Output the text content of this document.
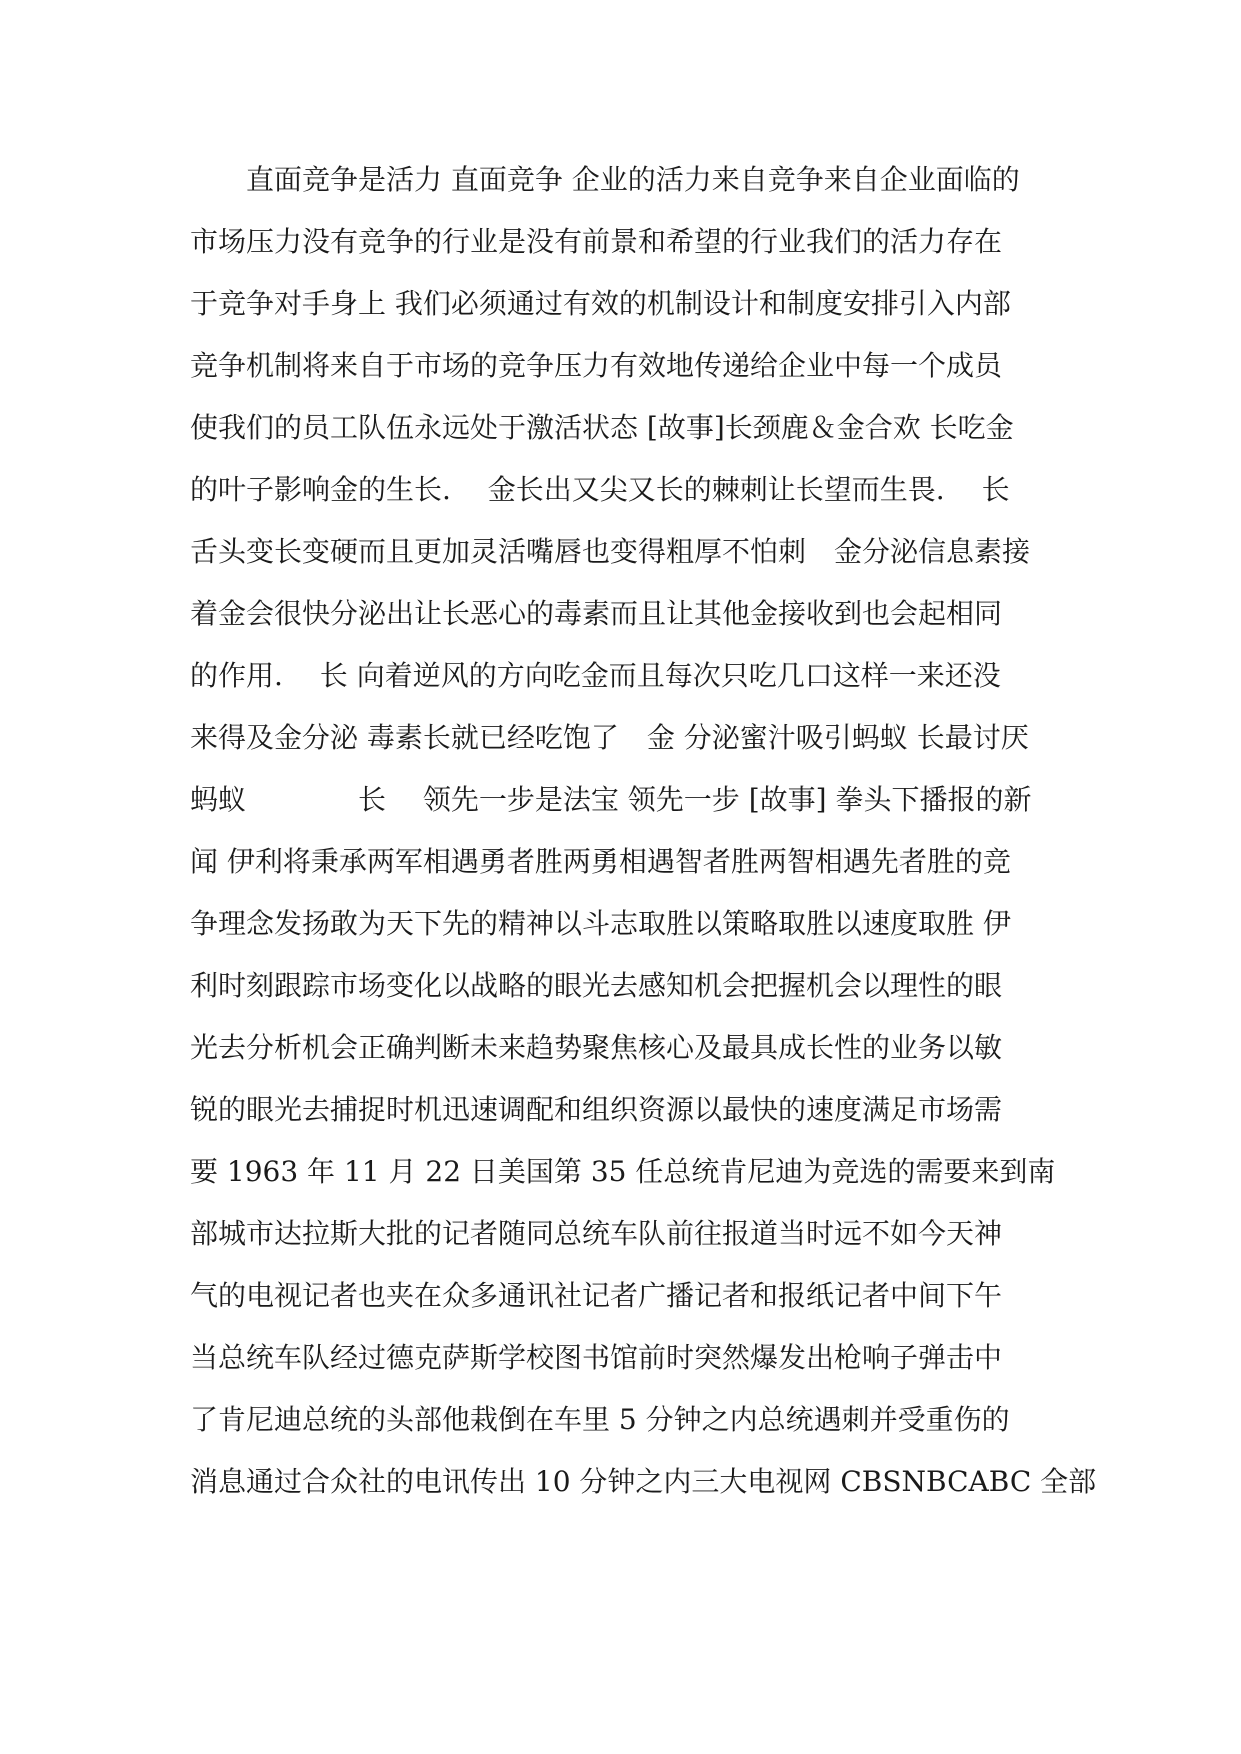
　　直面竞争是活力 直面竞争 企业的活力来自竞争来自企业面临的
市场压力没有竞争的行业是没有前景和希望的行业我们的活力存在
于竞争对手身上 我们必须通过有效的机制设计和制度安排引入内部
竞争机制将来自于市场的竞争压力有效地传递给企业中每一个成员
使我们的员工队伍永远处于激活状态 [故事]长颈鹿＆金合欢 长吃金
的叶子影响金的生长.　 金长出又尖又长的棘刺让长望而生畏.　 长
舌头变长变硬而且更加灵活嘴唇也变得粗厚不怕刺　金分泌信息素接
着金会很快分泌出让长恶心的毒素而且让其他金接收到也会起相同
的作用.　 长 向着逆风的方向吃金而且每次只吃几口这样一来还没
来得及金分泌 毒素长就已经吃饱了　金 分泌蜜汁吸引蚂蚁 长最讨厌
蚂蚁　　　　长　 领先一步是法宝 领先一步 [故事] 拳头下播报的新
闻 伊利将秉承两军相遇勇者胜两勇相遇智者胜两智相遇先者胜的竞
争理念发扬敢为天下先的精神以斗志取胜以策略取胜以速度取胜 伊
利时刻跟踪市场变化以战略的眼光去感知机会把握机会以理性的眼
光去分析机会正确判断未来趋势聚焦核心及最具成长性的业务以敏
锐的眼光去捕捉时机迅速调配和组织资源以最快的速度满足市场需
要 1963 年 11 月 22 日美国第 35 任总统肯尼迪为竞选的需要来到南
部城市达拉斯大批的记者随同总统车队前往报道当时远不如今天神
气的电视记者也夹在众多通讯社记者广播记者和报纸记者中间下午
当总统车队经过德克萨斯学校图书馆前时突然爆发出枪响子弹击中
了肯尼迪总统的头部他栽倒在车里 5 分钟之内总统遇刺并受重伤的
消息通过合众社的电讯传出 10 分钟之内三大电视网 CBSNBCABC 全部
